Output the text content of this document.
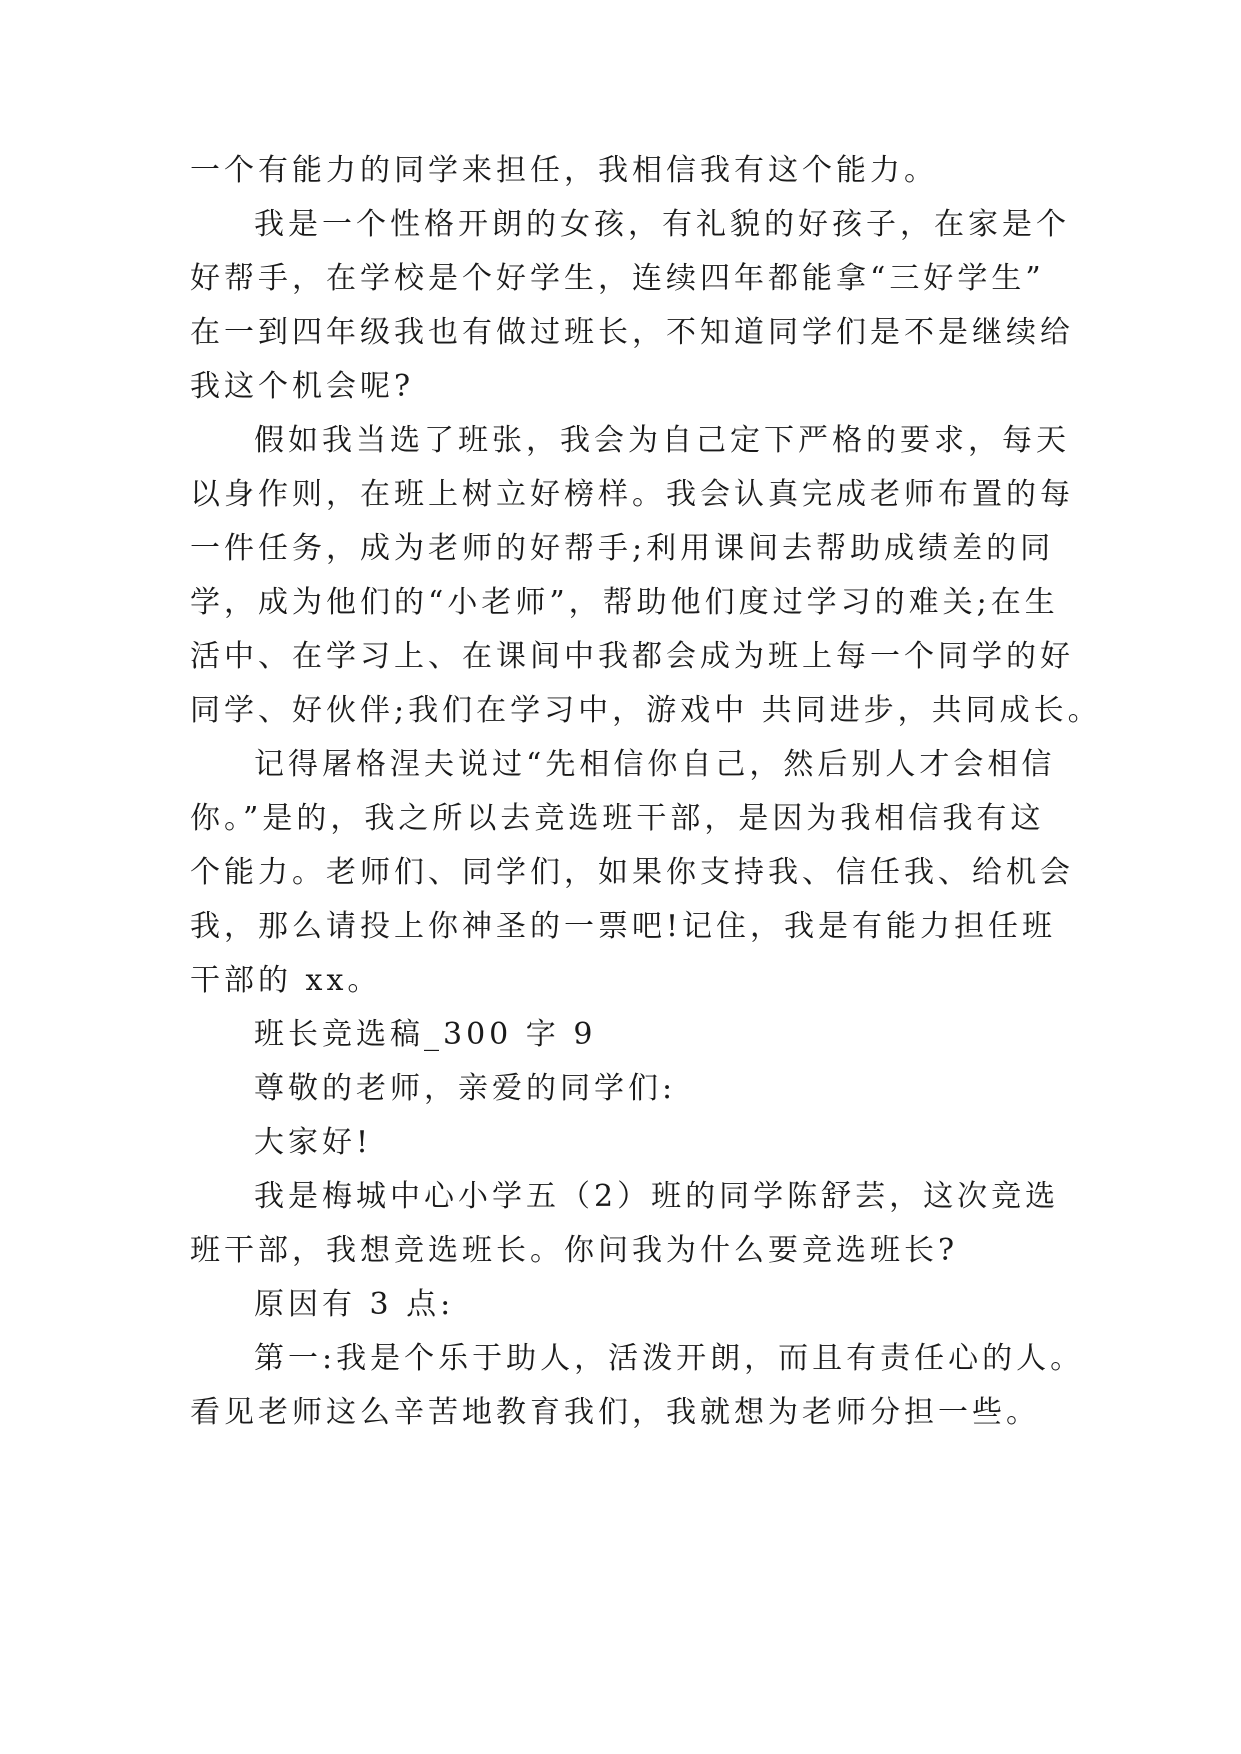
一个有能力的同学来担任，我相信我有这个能力。
我是一个性格开朗的女孩，有礼貌的好孩子，在家是个
好帮手，在学校是个好学生，连续四年都能拿“三好学生”
在一到四年级我也有做过班长，不知道同学们是不是继续给
我这个机会呢?
假如我当选了班张，我会为自己定下严格的要求，每天
以身作则，在班上树立好榜样。我会认真完成老师布置的每
一件任务，成为老师的好帮手;利用课间去帮助成绩差的同
学，成为他们的“小老师”，帮助他们度过学习的难关;在生
活中、在学习上、在课间中我都会成为班上每一个同学的好
同学、好伙伴;我们在学习中，游戏中 共同进步，共同成长。
记得屠格涅夫说过“先相信你自己，然后别人才会相信
你。”是的，我之所以去竞选班干部，是因为我相信我有这
个能力。老师们、同学们，如果你支持我、信任我、给机会
我，那么请投上你神圣的一票吧!记住，我是有能力担任班
干部的 xx。
班长竞选稿_300 字 9
尊敬的老师，亲爱的同学们:
大家好!
我是梅城中心小学五（2）班的同学陈舒芸，这次竞选
班干部，我想竞选班长。你问我为什么要竞选班长?
原因有 3 点:
第一:我是个乐于助人，活泼开朗，而且有责任心的人。
看见老师这么辛苦地教育我们，我就想为老师分担一些。
